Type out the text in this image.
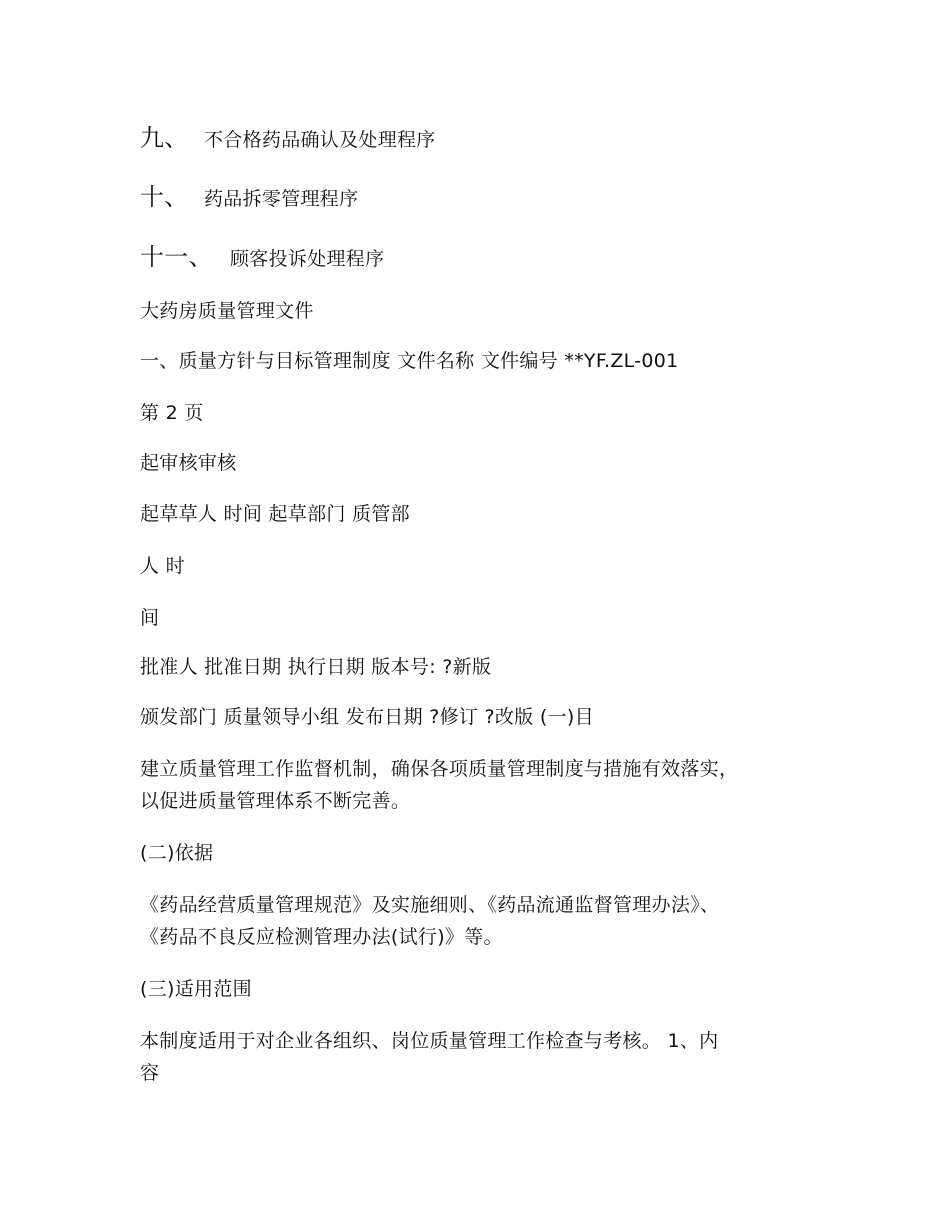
九、 不合格药品确认及处理程序
十、 药品拆零管理程序
十一、 顾客投诉处理程序
大药房质量管理文件
一、质量方针与目标管理制度 文件名称 文件编号 **YF.ZL-001
第 2 页
起审核审核
起草草人 时间 起草部门 质管部
人 时
间
批准人 批准日期 执行日期 版本号: ?新版
颁发部门 质量领导小组 发布日期 ?修订 ?改版 (一)目
建立质量管理工作监督机制，确保各项质量管理制度与措施有效落实，
以促进质量管理体系不断完善。
(二)依据
《药品经营质量管理规范》及实施细则、《药品流通监督管理办法》、
《药品不良反应检测管理办法(试行)》等。
(三)适用范围
本制度适用于对企业各组织、岗位质量管理工作检查与考核。 1、内
容
